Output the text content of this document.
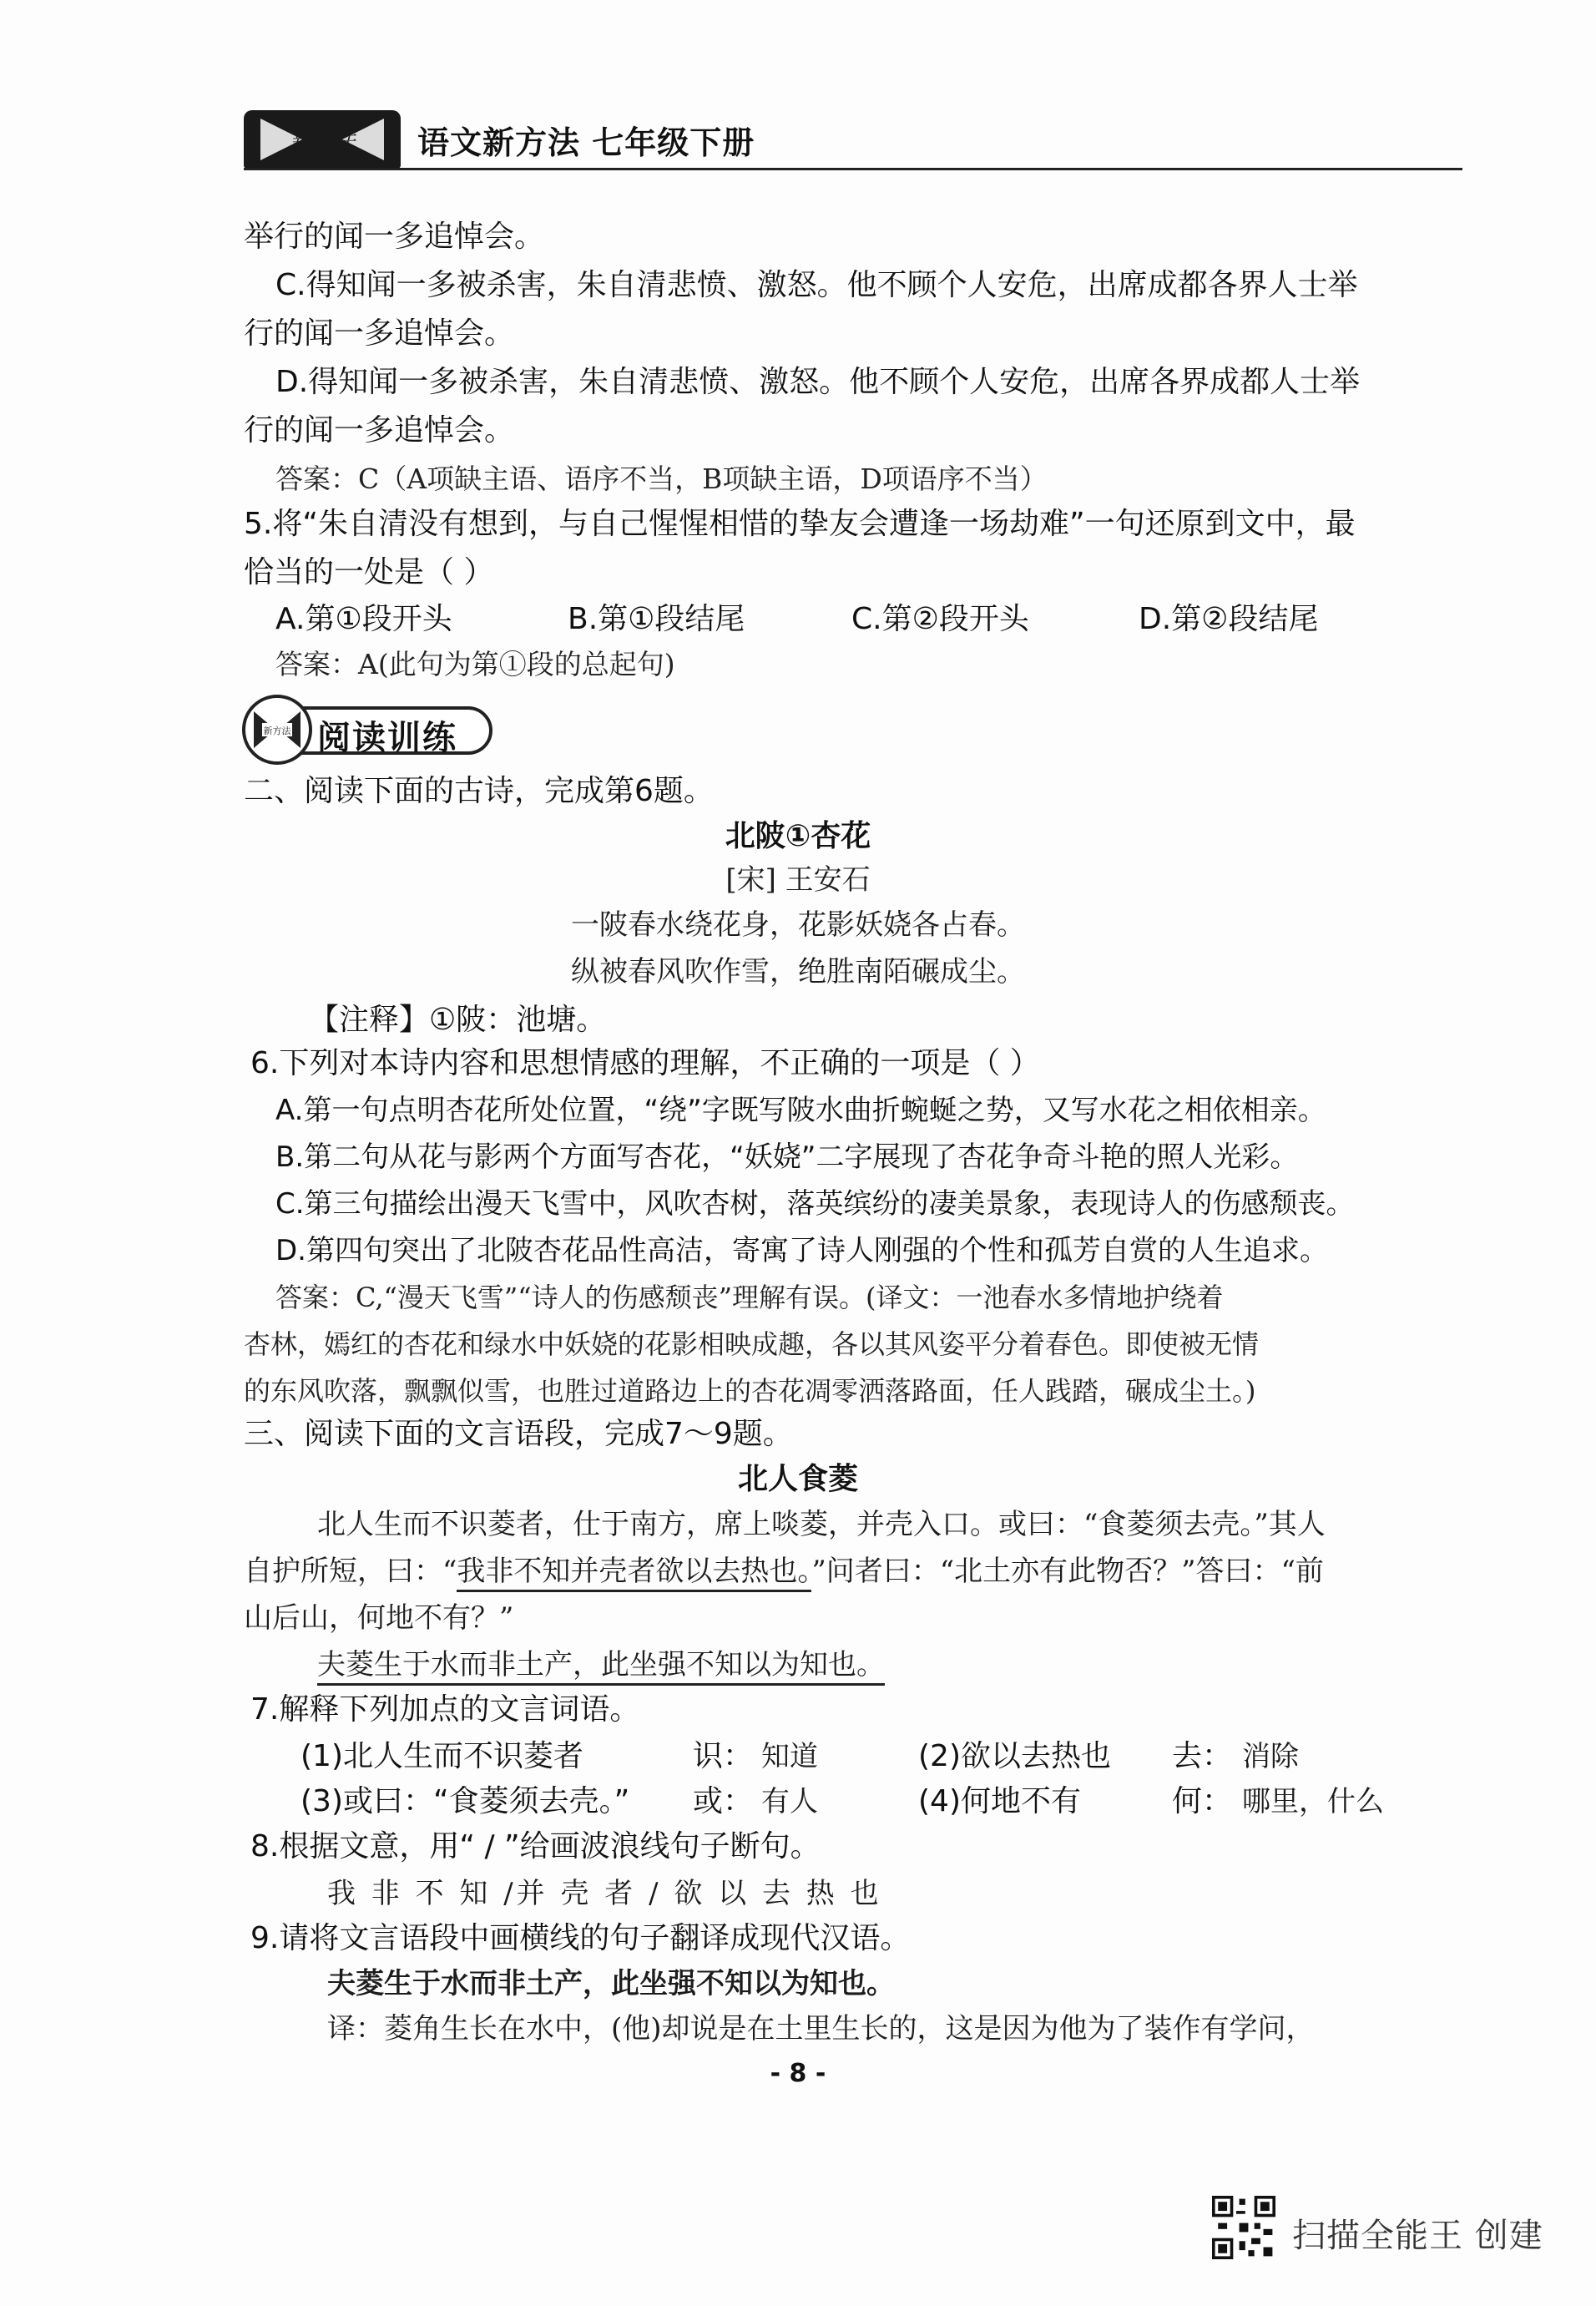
新方法 语文新方法 七年级下册
举行的闻一多追悼会。
C.得知闻一多被杀害，朱自清悲愤、激怒。他不顾个人安危，出席成都各界人士举
行的闻一多追悼会。
D.得知闻一多被杀害，朱自清悲愤、激怒。他不顾个人安危，出席各界成都人士举
行的闻一多追悼会。
答案：C（A项缺主语、语序不当，B项缺主语，D项语序不当）
5.将“朱自清没有想到，与自己惺惺相惜的挚友会遭逢一场劫难”一句还原到文中，最
恰当的一处是（ ）
A.第①段开头	B.第①段结尾	C.第②段开头	D.第②段结尾
答案：A(此句为第①段的总起句)
新方法 阅读训练
二、阅读下面的古诗，完成第6题。
北陂①杏花
[宋] 王安石
一陂春水绕花身，花影妖娆各占春。
纵被春风吹作雪，绝胜南陌碾成尘。
【注释】①陂：池塘。
6.下列对本诗内容和思想情感的理解，不正确的一项是（ ）
A.第一句点明杏花所处位置，“绕”字既写陂水曲折蜿蜒之势，又写水花之相依相亲。
B.第二句从花与影两个方面写杏花，“妖娆”二字展现了杏花争奇斗艳的照人光彩。
C.第三句描绘出漫天飞雪中，风吹杏树，落英缤纷的凄美景象，表现诗人的伤感颓丧。
D.第四句突出了北陂杏花品性高洁，寄寓了诗人刚强的个性和孤芳自赏的人生追求。
答案：C,“漫天飞雪”“诗人的伤感颓丧”理解有误。(译文：一池春水多情地护绕着
杏林，嫣红的杏花和绿水中妖娆的花影相映成趣，各以其风姿平分着春色。即使被无情
的东风吹落，飘飘似雪，也胜过道路边上的杏花凋零洒落路面，任人践踏，碾成尘土。)
三、阅读下面的文言语段，完成7～9题。
北人食菱
北人生而不识菱者，仕于南方，席上啖菱，并壳入口。或曰：“食菱须去壳。”其人
自护所短，曰：“我非不知并壳者欲以去热也。”问者曰：“北土亦有此物否？”答曰：“前
山后山，何地不有？”
夫菱生于水而非土产，此坐强不知以为知也。
7.解释下列加点的文言词语。
(1)北人生而不识菱者	识： 知道	(2)欲以去热也 去： 消除
(3)或曰：“食菱须去壳。” 或： 有人	(4)何地不有	何： 哪里，什么
8.根据文意，用“ / ”给画波浪线句子断句。
我 非 不 知 /并 壳 者 / 欲 以 去 热 也
9.请将文言语段中画横线的句子翻译成现代汉语。
夫菱生于水而非土产，此坐强不知以为知也。
译：菱角生长在水中，(他)却说是在土里生长的，这是因为他为了装作有学问，
- 8 -
扫描全能王 创建
